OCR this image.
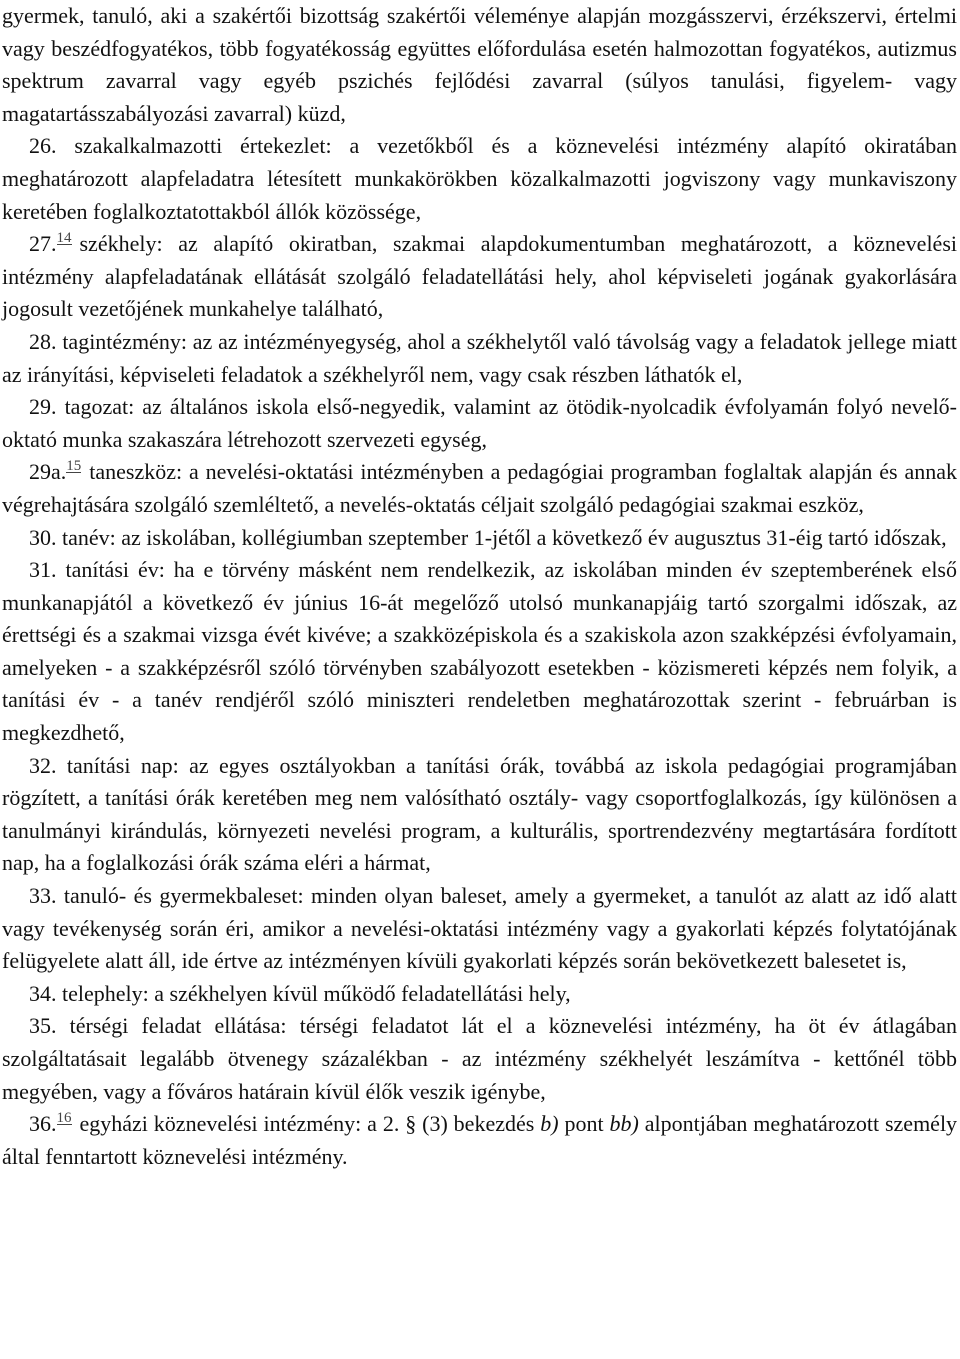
gyermek, tanuló, aki a szakértői bizottság szakértői véleménye alapján mozgásszervi, érzékszervi, értelmi vagy beszédfogyatékos, több fogyatékosság együttes előfordulása esetén halmozottan fogyatékos, autizmus spektrum zavarral vagy egyéb pszichés fejlődési zavarral (súlyos tanulási, figyelem- vagy magatartásszabályozási zavarral) küzd,

26. szakalkalmazotti értekezlet: a vezetőkből és a köznevelési intézmény alapító okiratában meghatározott alapfeladatra létesített munkakörökben közalkalmazotti jogviszony vagy munkaviszony keretében foglalkoztatottakból állók közössége,

27.14 székhely: az alapító okiratban, szakmai alapdokumentumban meghatározott, a köznevelési intézmény alapfeladatának ellátását szolgáló feladatellátási hely, ahol képviseleti jogának gyakorlására jogosult vezetőjének munkahelye található,

28. tagintézmény: az az intézményegység, ahol a székhelytől való távolság vagy a feladatok jellege miatt az irányítási, képviseleti feladatok a székhelyről nem, vagy csak részben láthatók el,

29. tagozat: az általános iskola első-negyedik, valamint az ötödik-nyolcadik évfolyamán folyó nevelő-oktató munka szakaszára létrehozott szervezeti egység,

29a.15 taneszköz: a nevelési-oktatási intézményben a pedagógiai programban foglaltak alapján és annak végrehajtására szolgáló szemléltető, a nevelés-oktatás céljait szolgáló pedagógiai szakmai eszköz,

30. tanév: az iskolában, kollégiumban szeptember 1-jétől a következő év augusztus 31-éig tartó időszak,

31. tanítási év: ha e törvény másként nem rendelkezik, az iskolában minden év szeptemberének első munkanapjától a következő év június 16-át megelőző utolsó munkanapjáig tartó szorgalmi időszak, az érettségi és a szakmai vizsga évét kivéve; a szakközépiskola és a szakiskola azon szakképzési évfolyamain, amelyeken - a szakképzésről szóló törvényben szabályozott esetekben - közismereti képzés nem folyik, a tanítási év - a tanév rendjéről szóló miniszteri rendeletben meghatározottak szerint - februárban is megkezdhető,

32. tanítási nap: az egyes osztályokban a tanítási órák, továbbá az iskola pedagógiai programjában rögzített, a tanítási órák keretében meg nem valósítható osztály- vagy csoportfoglalkozás, így különösen a tanulmányi kirándulás, környezeti nevelési program, a kulturális, sportrendezvény megtartására fordított nap, ha a foglalkozási órák száma eléri a hármat,

33. tanuló- és gyermekbaleset: minden olyan baleset, amely a gyermeket, a tanulót az alatt az idő alatt vagy tevékenység során éri, amikor a nevelési-oktatási intézmény vagy a gyakorlati képzés folytatójának felügyelete alatt áll, ide értve az intézményen kívüli gyakorlati képzés során bekövetkezett balesetet is,

34. telephely: a székhelyen kívül működő feladatellátási hely,

35. térségi feladat ellátása: térségi feladatot lát el a köznevelési intézmény, ha öt év átlagában szolgáltatásait legalább ötvenegy százalékban - az intézmény székhelyét leszámítva - kettőnél több megyében, vagy a főváros határain kívül élők veszik igénybe,

36.16 egyházi köznevelési intézmény: a 2. § (3) bekezdés b) pont bb) alpontjában meghatározott személy által fenntartott köznevelési intézmény.
